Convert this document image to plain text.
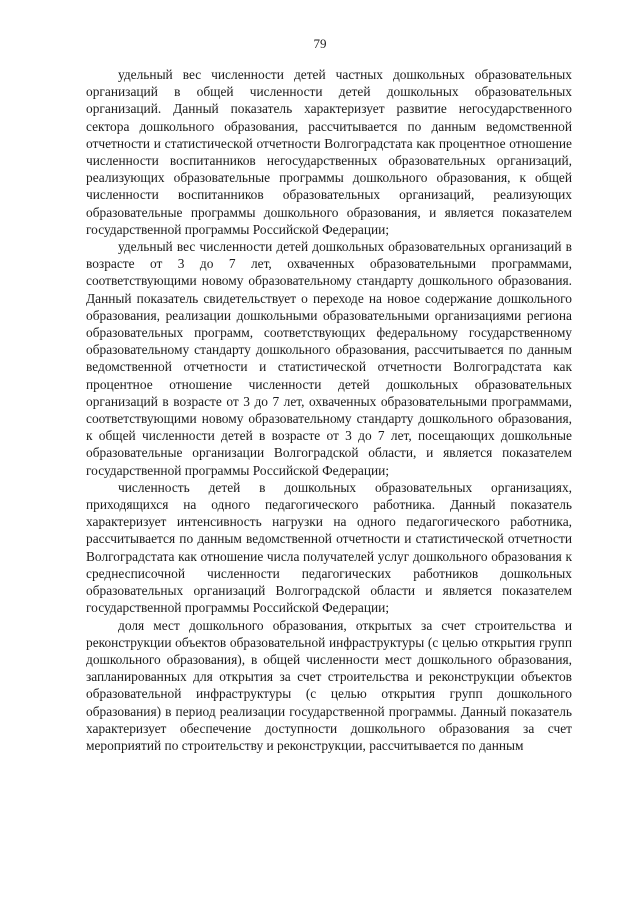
79

удельный вес численности детей частных дошкольных образовательных организаций в общей численности детей дошкольных образовательных организаций. Данный показатель характеризует развитие негосударственного сектора дошкольного образования, рассчитывается по данным ведомственной отчетности и статистической отчетности Волгоградстата как процентное отношение численности воспитанников негосударственных образовательных организаций, реализующих образовательные программы дошкольного образования, к общей численности воспитанников образовательных организаций, реализующих образовательные программы дошкольного образования, и является показателем государственной программы Российской Федерации;

удельный вес численности детей дошкольных образовательных организаций в возрасте от 3 до 7 лет, охваченных образовательными программами, соответствующими новому образовательному стандарту дошкольного образования. Данный показатель свидетельствует о переходе на новое содержание дошкольного образования, реализации дошкольными образовательными организациями региона образовательных программ, соответствующих федеральному государственному образовательному стандарту дошкольного образования, рассчитывается по данным ведомственной отчетности и статистической отчетности Волгоградстата как процентное отношение численности детей дошкольных образовательных организаций в возрасте от 3 до 7 лет, охваченных образовательными программами, соответствующими новому образовательному стандарту дошкольного образования, к общей численности детей в возрасте от 3 до 7 лет, посещающих дошкольные образовательные организации Волгоградской области, и является показателем государственной программы Российской Федерации;

численность детей в дошкольных образовательных организациях, приходящихся на одного педагогического работника. Данный показатель характеризует интенсивность нагрузки на одного педагогического работника, рассчитывается по данным ведомственной отчетности и статистической отчетности Волгоградстата как отношение числа получателей услуг дошкольного образования к среднесписочной численности педагогических работников дошкольных образовательных организаций Волгоградской области и является показателем государственной программы Российской Федерации;

доля мест дошкольного образования, открытых за счет строительства и реконструкции объектов образовательной инфраструктуры (с целью открытия групп дошкольного образования), в общей численности мест дошкольного образования, запланированных для открытия за счет строительства и реконструкции объектов образовательной инфраструктуры (с целью открытия групп дошкольного образования) в период реализации государственной программы. Данный показатель характеризует обеспечение доступности дошкольного образования за счет мероприятий по строительству и реконструкции, рассчитывается по данным
